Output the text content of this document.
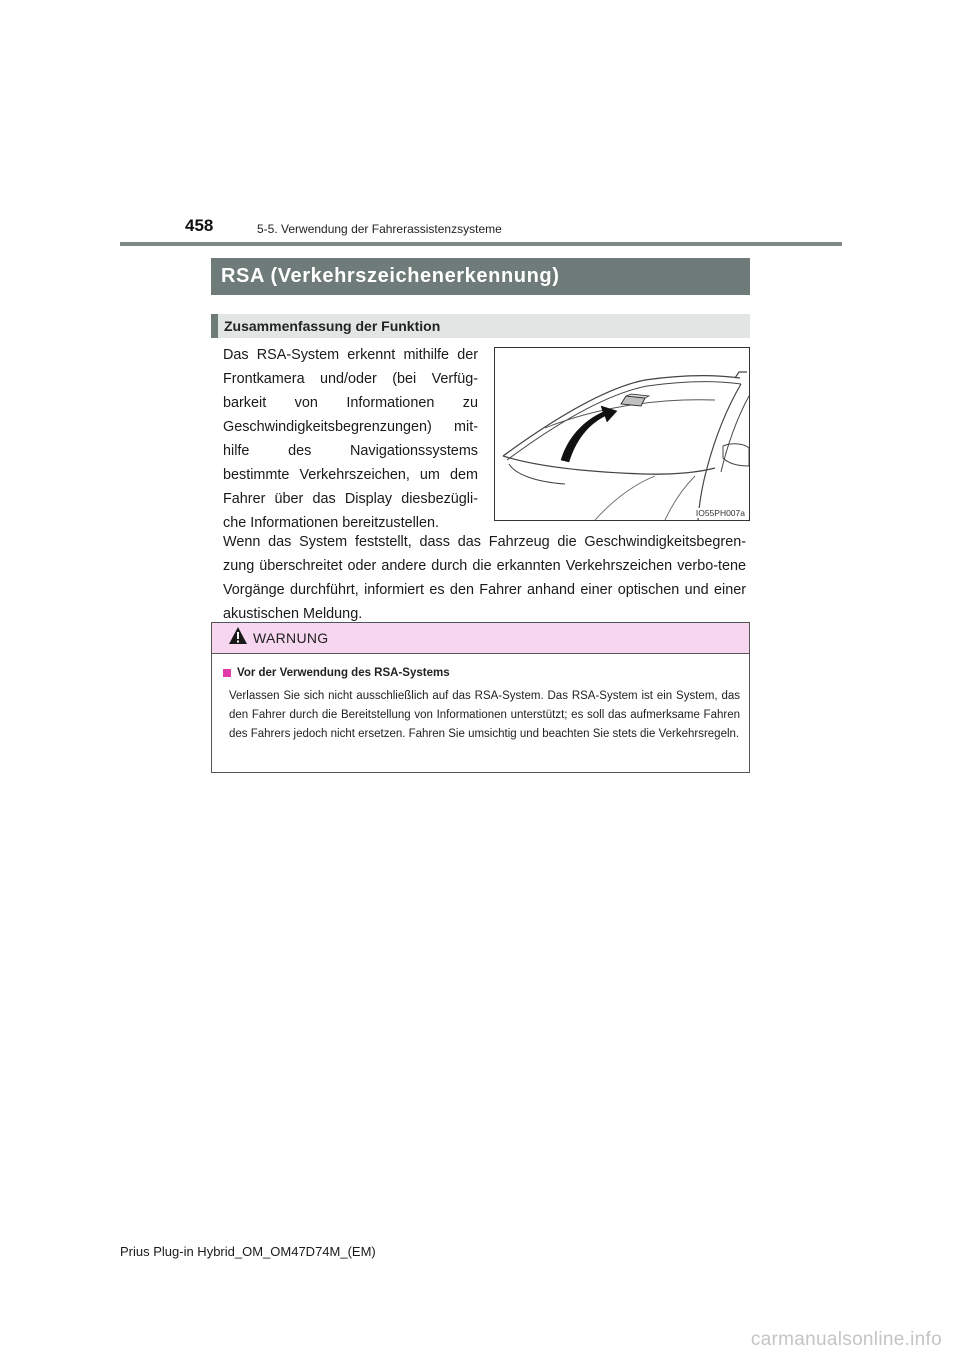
458	5-5. Verwendung der Fahrerassistenzsysteme
RSA (Verkehrszeichenerkennung)
Zusammenfassung der Funktion

Das RSA-System erkennt mithilfe der Frontkamera und/oder (bei Verfüg-barkeit von Informationen zu Geschwindigkeitsbegrenzungen) mit-hilfe des Navigationssystems bestimmte Verkehrszeichen, um dem Fahrer über das Display diesbezügli-che Informationen bereitzustellen.

IO55PH007a

Wenn das System feststellt, dass das Fahrzeug die Geschwindigkeitsbegren-zung überschreitet oder andere durch die erkannten Verkehrszeichen verbo-tene Vorgänge durchführt, informiert es den Fahrer anhand einer optischen und einer akustischen Meldung.

WARNUNG
Vor der Verwendung des RSA-Systems

Verlassen Sie sich nicht ausschließlich auf das RSA-System. Das RSA-System ist ein System, das den Fahrer durch die Bereitstellung von Informationen unterstützt; es soll das aufmerksame Fahren des Fahrers jedoch nicht ersetzen. Fahren Sie umsichtig und beachten Sie stets die Verkehrsregeln.

Prius Plug-in Hybrid_OM_OM47D74M_(EM)
carmanualsonline.info
